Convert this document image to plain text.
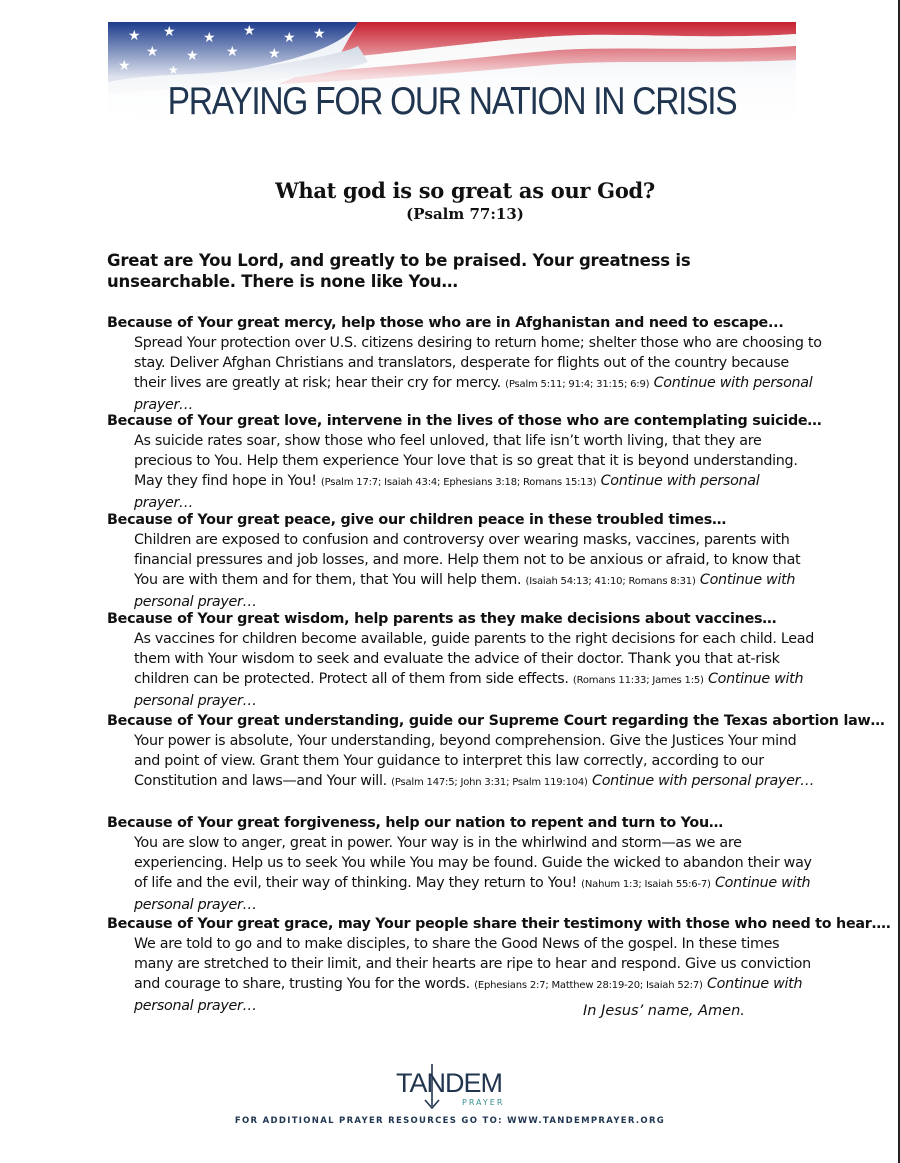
PRAYING FOR OUR NATION IN CRISIS
What god is so great as our God?
(Psalm 77:13)
Great are You Lord, and greatly to be praised. Your greatness is unsearchable. There is none like You…
Because of Your great mercy, help those who are in Afghanistan and need to escape...
Spread Your protection over U.S. citizens desiring to return home; shelter those who are choosing to stay. Deliver Afghan Christians and translators, desperate for flights out of the country because their lives are greatly at risk; hear their cry for mercy. (Psalm 5:11; 91:4; 31:15; 6:9) Continue with personal prayer…
Because of Your great love, intervene in the lives of those who are contemplating suicide…
As suicide rates soar, show those who feel unloved, that life isn’t worth living, that they are precious to You. Help them experience Your love that is so great that it is beyond understanding. May they find hope in You! (Psalm 17:7; Isaiah 43:4; Ephesians 3:18; Romans 15:13) Continue with personal prayer…
Because of Your great peace, give our children peace in these troubled times…
Children are exposed to confusion and controversy over wearing masks, vaccines, parents with financial pressures and job losses, and more. Help them not to be anxious or afraid, to know that You are with them and for them, that You will help them. (Isaiah 54:13; 41:10; Romans 8:31) Continue with personal prayer…
Because of Your great wisdom, help parents as they make decisions about vaccines…
As vaccines for children become available, guide parents to the right decisions for each child. Lead them with Your wisdom to seek and evaluate the advice of their doctor. Thank you that at-risk children can be protected. Protect all of them from side effects. (Romans 11:33; James 1:5) Continue with personal prayer…
Because of Your great understanding, guide our Supreme Court regarding the Texas abortion law…
Your power is absolute, Your understanding, beyond comprehension. Give the Justices Your mind and point of view. Grant them Your guidance to interpret this law correctly, according to our Constitution and laws—and Your will. (Psalm 147:5; John 3:31; Psalm 119:104) Continue with personal prayer…
Because of Your great forgiveness, help our nation to repent and turn to You…
You are slow to anger, great in power. Your way is in the whirlwind and storm—as we are experiencing. Help us to seek You while You may be found. Guide the wicked to abandon their way of life and the evil, their way of thinking. May they return to You! (Nahum 1:3; Isaiah 55:6-7) Continue with personal prayer…
Because of Your great grace, may Your people share their testimony with those who need to hear….
We are told to go and to make disciples, to share the Good News of the gospel. In these times many are stretched to their limit, and their hearts are ripe to hear and respond. Give us conviction and courage to share, trusting You for the words. (Ephesians 2:7; Matthew 28:19-20; Isaiah 52:7) Continue with personal prayer…	In Jesus’ name, Amen.
TANDEM
PRAYER
FOR ADDITIONAL PRAYER RESOURCES GO TO: WWW.TANDEMPRAYER.ORG
